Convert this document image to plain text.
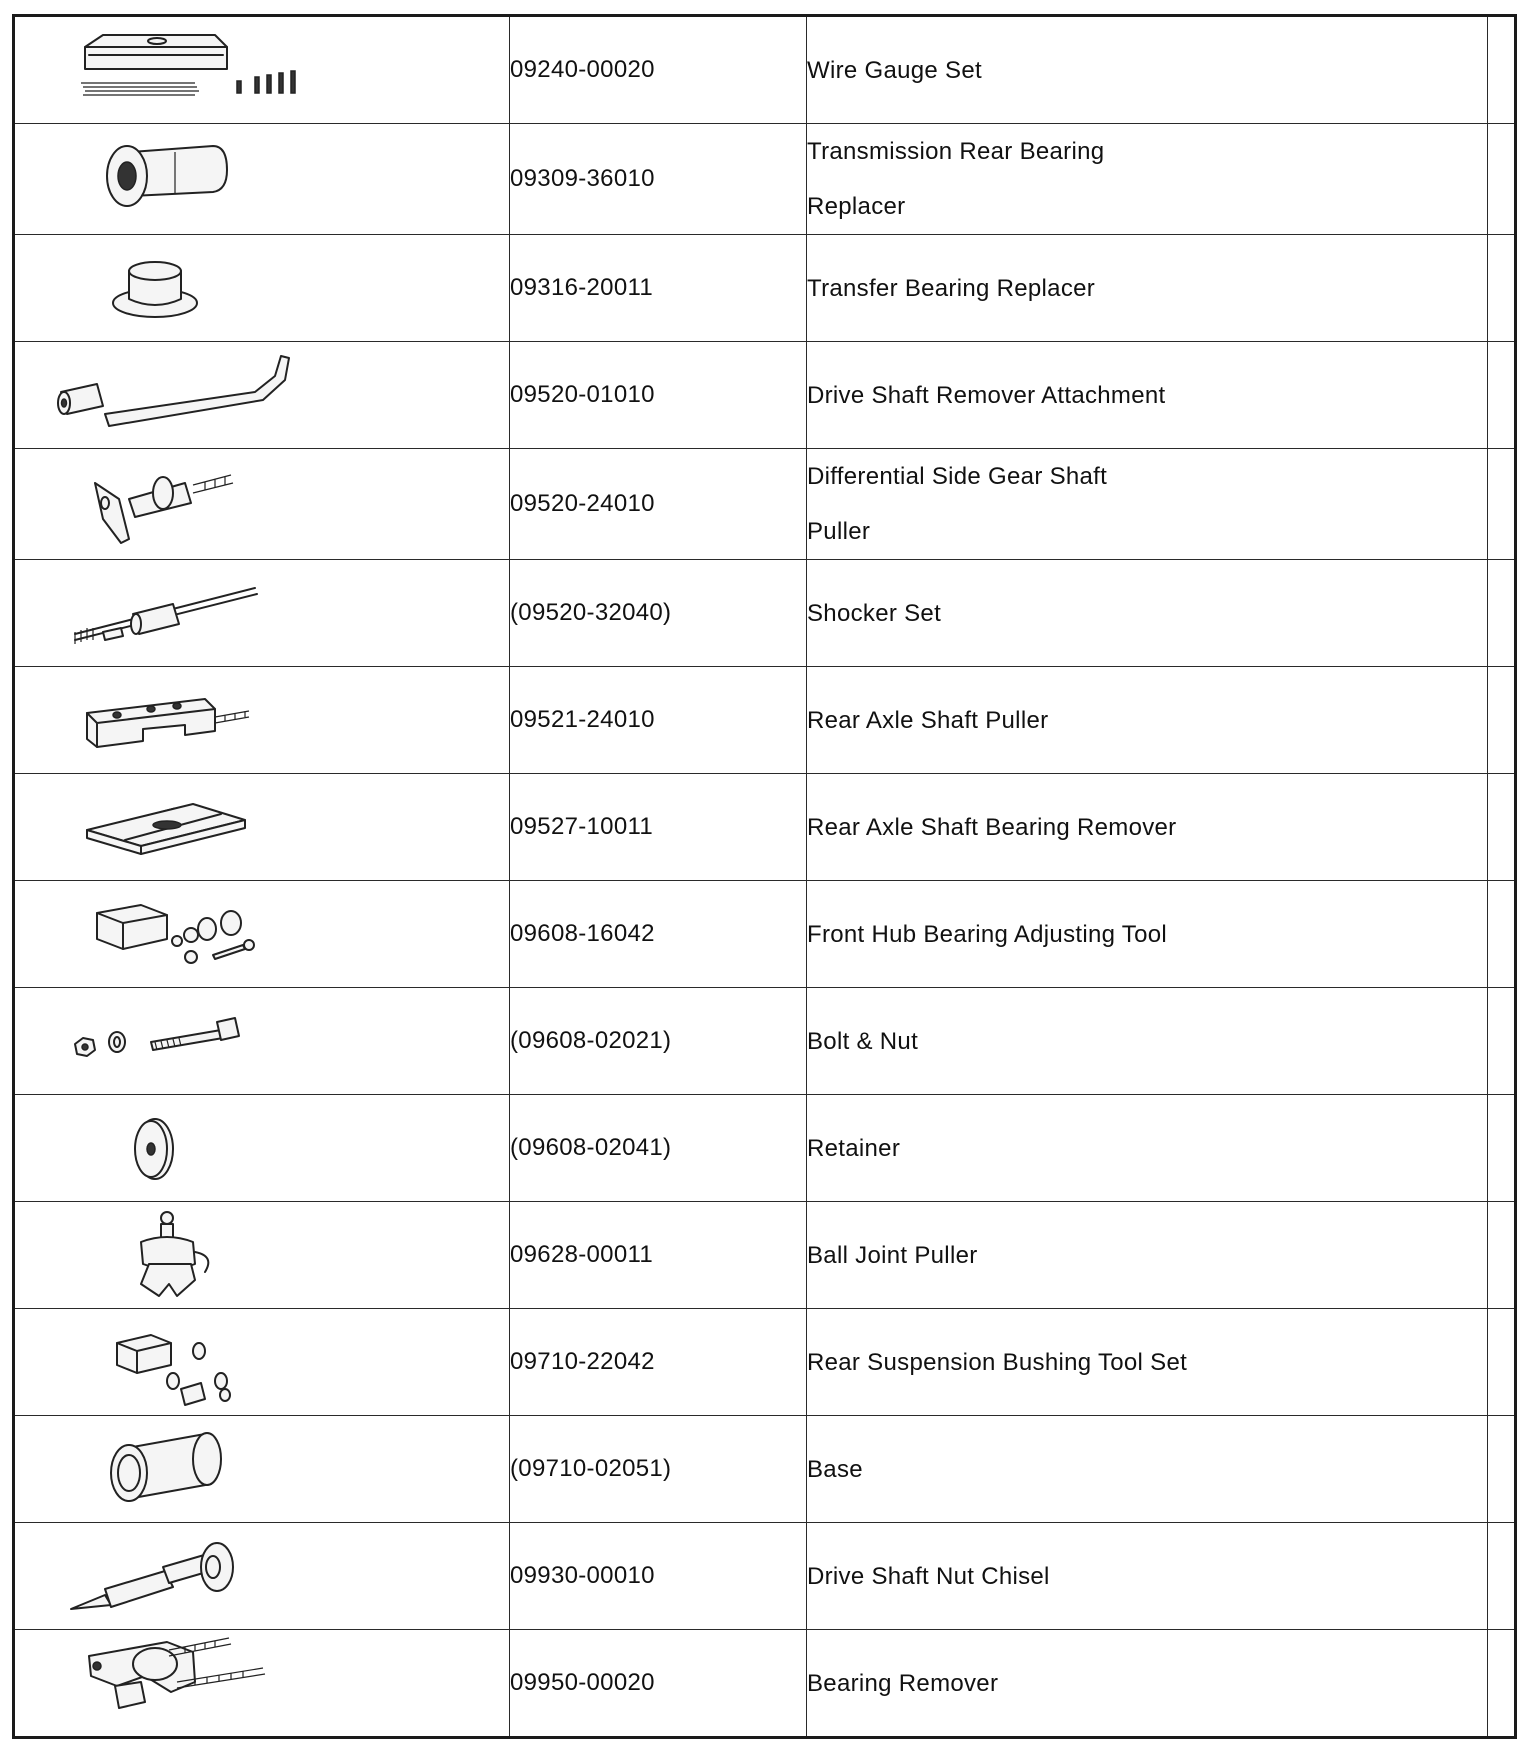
	09240-00020	Wire Gauge Set	

	09309-36010	Transmission Rear Bearing
Replacer	

	09316-20011	Transfer Bearing Replacer	

	09520-01010	Drive Shaft Remover Attachment	

	09520-24010	Differential Side Gear Shaft
Puller	

	(09520-32040)	Shocker Set	

	09521-24010	Rear Axle Shaft Puller	

	09527-10011	Rear Axle Shaft Bearing Remover	

	09608-16042	Front Hub Bearing Adjusting Tool	

	(09608-02021)	Bolt & Nut	

	(09608-02041)	Retainer	

	09628-00011	Ball Joint Puller	

	09710-22042	Rear Suspension Bushing Tool Set	

	(09710-02051)	Base	

	09930-00010	Drive Shaft Nut Chisel	

	09950-00020	Bearing Remover	
